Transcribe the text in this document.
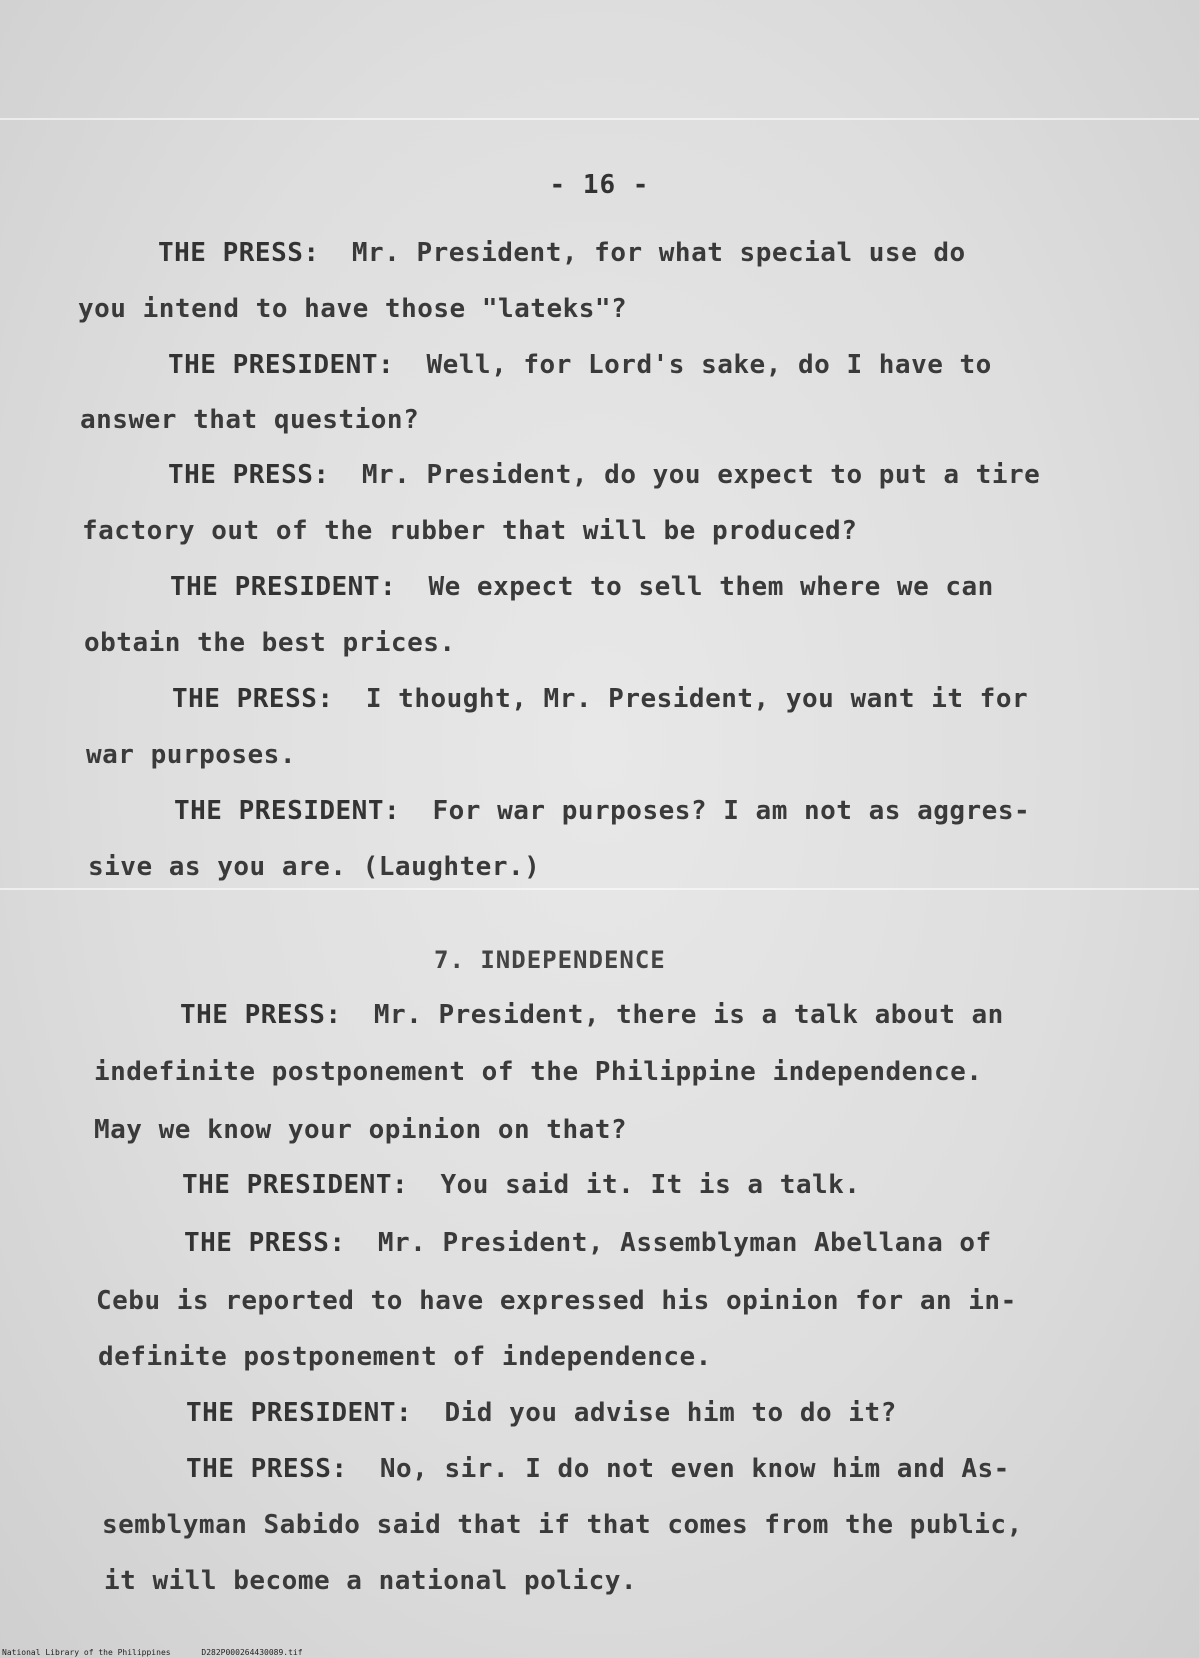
- 16 -
THE PRESS: Mr. President, for what special use do
you intend to have those "lateks"?
THE PRESIDENT: Well, for Lord's sake, do I have to
answer that question?
THE PRESS: Mr. President, do you expect to put a tire
factory out of the rubber that will be produced?
THE PRESIDENT: We expect to sell them where we can
obtain the best prices.
THE PRESS: I thought, Mr. President, you want it for
war purposes.
THE PRESIDENT: For war purposes? I am not as aggres-
sive as you are. (Laughter.)
7. INDEPENDENCE
THE PRESS: Mr. President, there is a talk about an
indefinite postponement of the Philippine independence.
May we know your opinion on that?
THE PRESIDENT: You said it. It is a talk.
THE PRESS: Mr. President, Assemblyman Abellana of
Cebu is reported to have expressed his opinion for an in-
definite postponement of independence.
THE PRESIDENT: Did you advise him to do it?
THE PRESS: No, sir. I do not even know him and As-
semblyman Sabido said that if that comes from the public,
it will become a national policy.
National Library of the Philippines	D282P000264430089.tif
